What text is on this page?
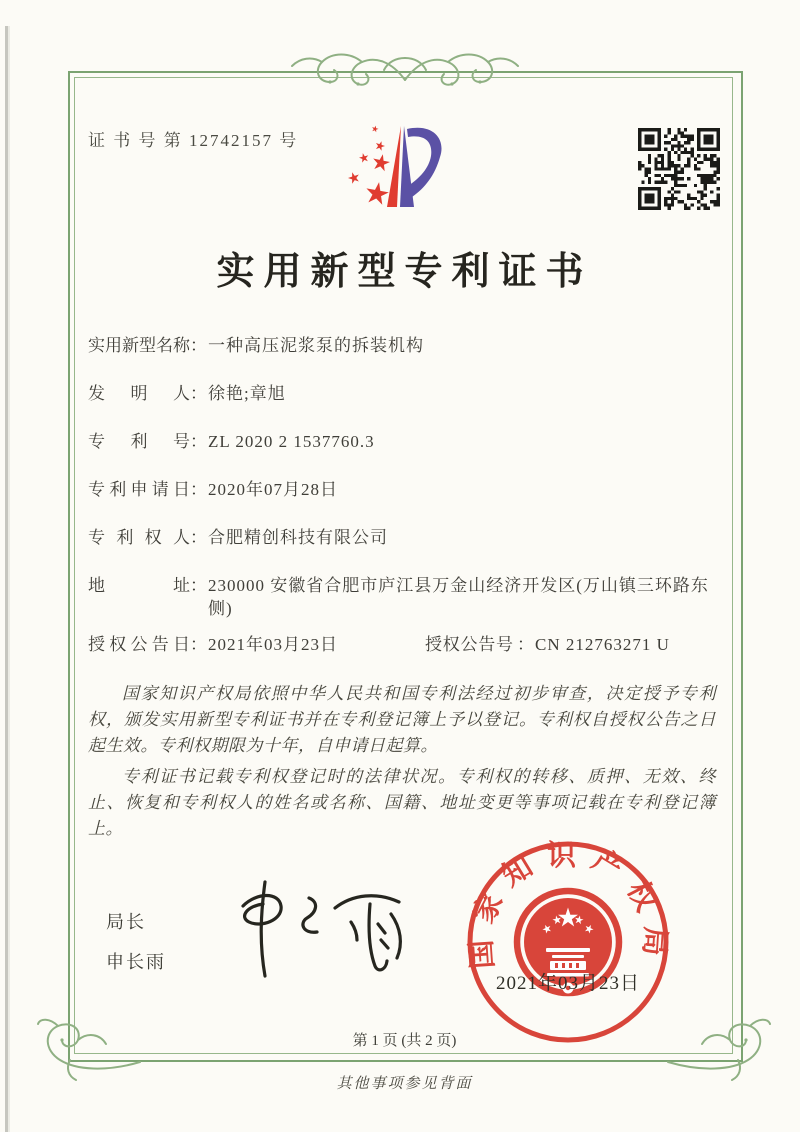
证 书 号 第 12742157 号
实用新型专利证书
实用新型名称 ： 一种高压泥浆泵的拆装机构
发明人 ： 徐艳;章旭
专利号 ： ZL 2020 2 1537760.3
专利申请日 ： 2020年07月28日
专利权人 ： 合肥精创科技有限公司
地址 ： 230000 安徽省合肥市庐江县万金山经济开发区(万山镇三环路东侧)
授权公告日 ： 2021年03月23日	授权公告号 ： CN 212763271 U

国家知识产权局依照中华人民共和国专利法经过初步审查，决定授予专利权，颁发实用新型专利证书并在专利登记簿上予以登记。专利权自授权公告之日起生效。专利权期限为十年，自申请日起算。

专利证书记载专利权登记时的法律状况。专利权的转移、质押、无效、终止、恢复和专利权人的姓名或名称、国籍、地址变更等事项记载在专利登记簿上。

局长
申长雨	国家知识产权局
2021年03月23日
第 1 页 (共 2 页)
其他事项参见背面
